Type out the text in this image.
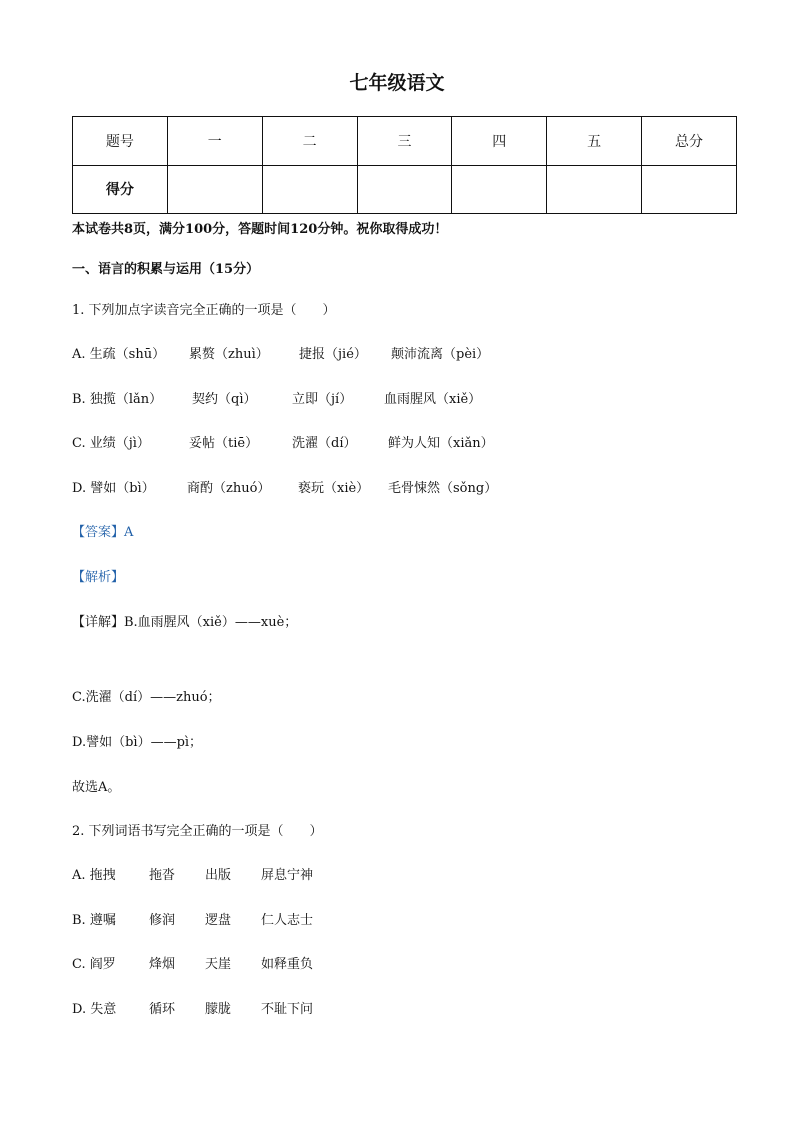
七年级语文
题号	一	二	三	四	五	总分
得分						
本试卷共8页，满分100分，答题时间120分钟。祝你取得成功！
一、语言的积累与运用（15分）
1. 下列加点字读音完全正确的一项是（　　）
A. 生疏（shū） 累赘（zhuì） 捷报（jié） 颠沛流离（pèi）
B. 独揽（lǎn） 契约（qì）	立即（jí） 血雨腥风（xiě）
C. 业绩（jì）	妥帖（tiē）	洗濯（dí） 鲜为人知（xiǎn）
D. 譬如（bì） 商酌（zhuó） 亵玩（xiè） 毛骨悚然（sǒng）
【答案】A
【解析】
【详解】B.血雨腥风（xiě）——xuè；
C.洗濯（dí）——zhuó；
D.譬如（bì）——pì；
故选A。
2. 下列词语书写完全正确的一项是（　　）
A. 拖拽	拖沓 出版 屏息宁神
B. 遵嘱	修润 逻盘 仁人志士
C. 阎罗	烽烟 天崖 如释重负
D. 失意	循环 朦胧 不耻下问
